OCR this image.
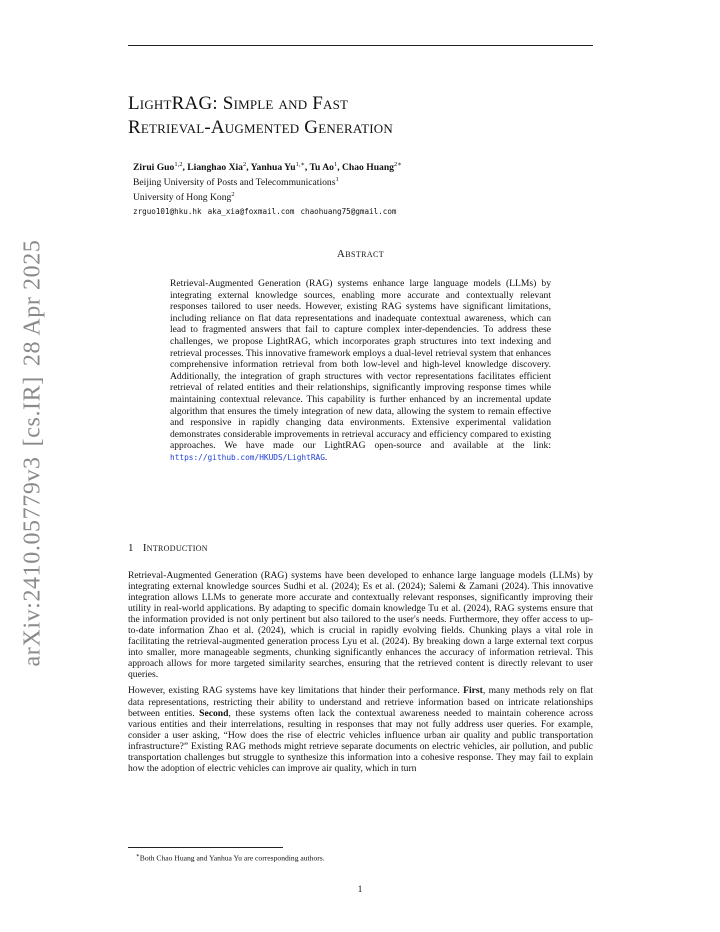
arXiv:2410.05779v3[cs.IR]28 Apr 2025
LightRAG: Simple and Fast
Retrieval-Augmented Generation
Zirui Guo$^{1,2}$, Lianghao Xia$^2$, Yanhua $Yu^{1,∗}$, Tu Ao$^1$, Chao Huang$^{2∗}$
Beijing University of Posts and Telecommunications$^1$
University of Hong Kong$^2$
zrguo101@hku.hk aka_xia@foxmail.com chaohuang75@gmail.com
Abstract
Retrieval-Augmented Generation (RAG) systems enhance large language models (LLMs) by integrating external knowledge sources, enabling more accurate and contextually relevant responses tailored to user needs. However, existing RAG systems have significant limitations, including reliance on flat data representations and inadequate contextual awareness, which can lead to fragmented answers that fail to capture complex inter-dependencies. To address these challenges, we propose LightRAG, which incorporates graph structures into text indexing and retrieval processes. This innovative framework employs a dual-level retrieval system that enhances comprehensive information retrieval from both low-level and high-level knowledge discovery. Additionally, the integration of graph structures with vector representations facilitates efficient retrieval of related entities and their relationships, significantly improving response times while maintaining contextual relevance. This capability is further enhanced by an incremental update algorithm that ensures the timely integration of new data, allowing the system to remain effective and responsive in rapidly changing data environments. Extensive experimental validation demonstrates considerable improvements in retrieval accuracy and efficiency compared to existing approaches. We have made our LightRAG open-source and available at the link: https://github.com/HKUDS/LightRAG.
1 Introduction

Retrieval-Augmented Generation (RAG) systems have been developed to enhance large language models (LLMs) by integrating external knowledge sources Sudhi et al. (2024); Es et al. (2024); Salemi & Zamani (2024). This innovative integration allows LLMs to generate more accurate and contextually relevant responses, significantly improving their utility in real-world applications. By adapting to specific domain knowledge Tu et al. (2024), RAG systems ensure that the information provided is not only pertinent but also tailored to the user's needs. Furthermore, they offer access to up-to-date information Zhao et al. (2024), which is crucial in rapidly evolving fields. Chunking plays a vital role in facilitating the retrieval-augmented generation process Lyu et al. (2024). By breaking down a large external text corpus into smaller, more manageable segments, chunking significantly enhances the accuracy of information retrieval. This approach allows for more targeted similarity searches, ensuring that the retrieved content is directly relevant to user queries.

However, existing RAG systems have key limitations that hinder their performance. First, many methods rely on flat data representations, restricting their ability to understand and retrieve information based on intricate relationships between entities. Second, these systems often lack the contextual awareness needed to maintain coherence across various entities and their interrelations, resulting in responses that may not fully address user queries. For example, consider a user asking, “How does the rise of electric vehicles influence urban air quality and public transportation infrastructure?” Existing RAG methods might retrieve separate documents on electric vehicles, air pollution, and public transportation challenges but struggle to synthesize this information into a cohesive response. They may fail to explain how the adoption of electric vehicles can improve air quality, which in turn

∗Both Chao Huang and Yanhua Yu are corresponding authors.
1
